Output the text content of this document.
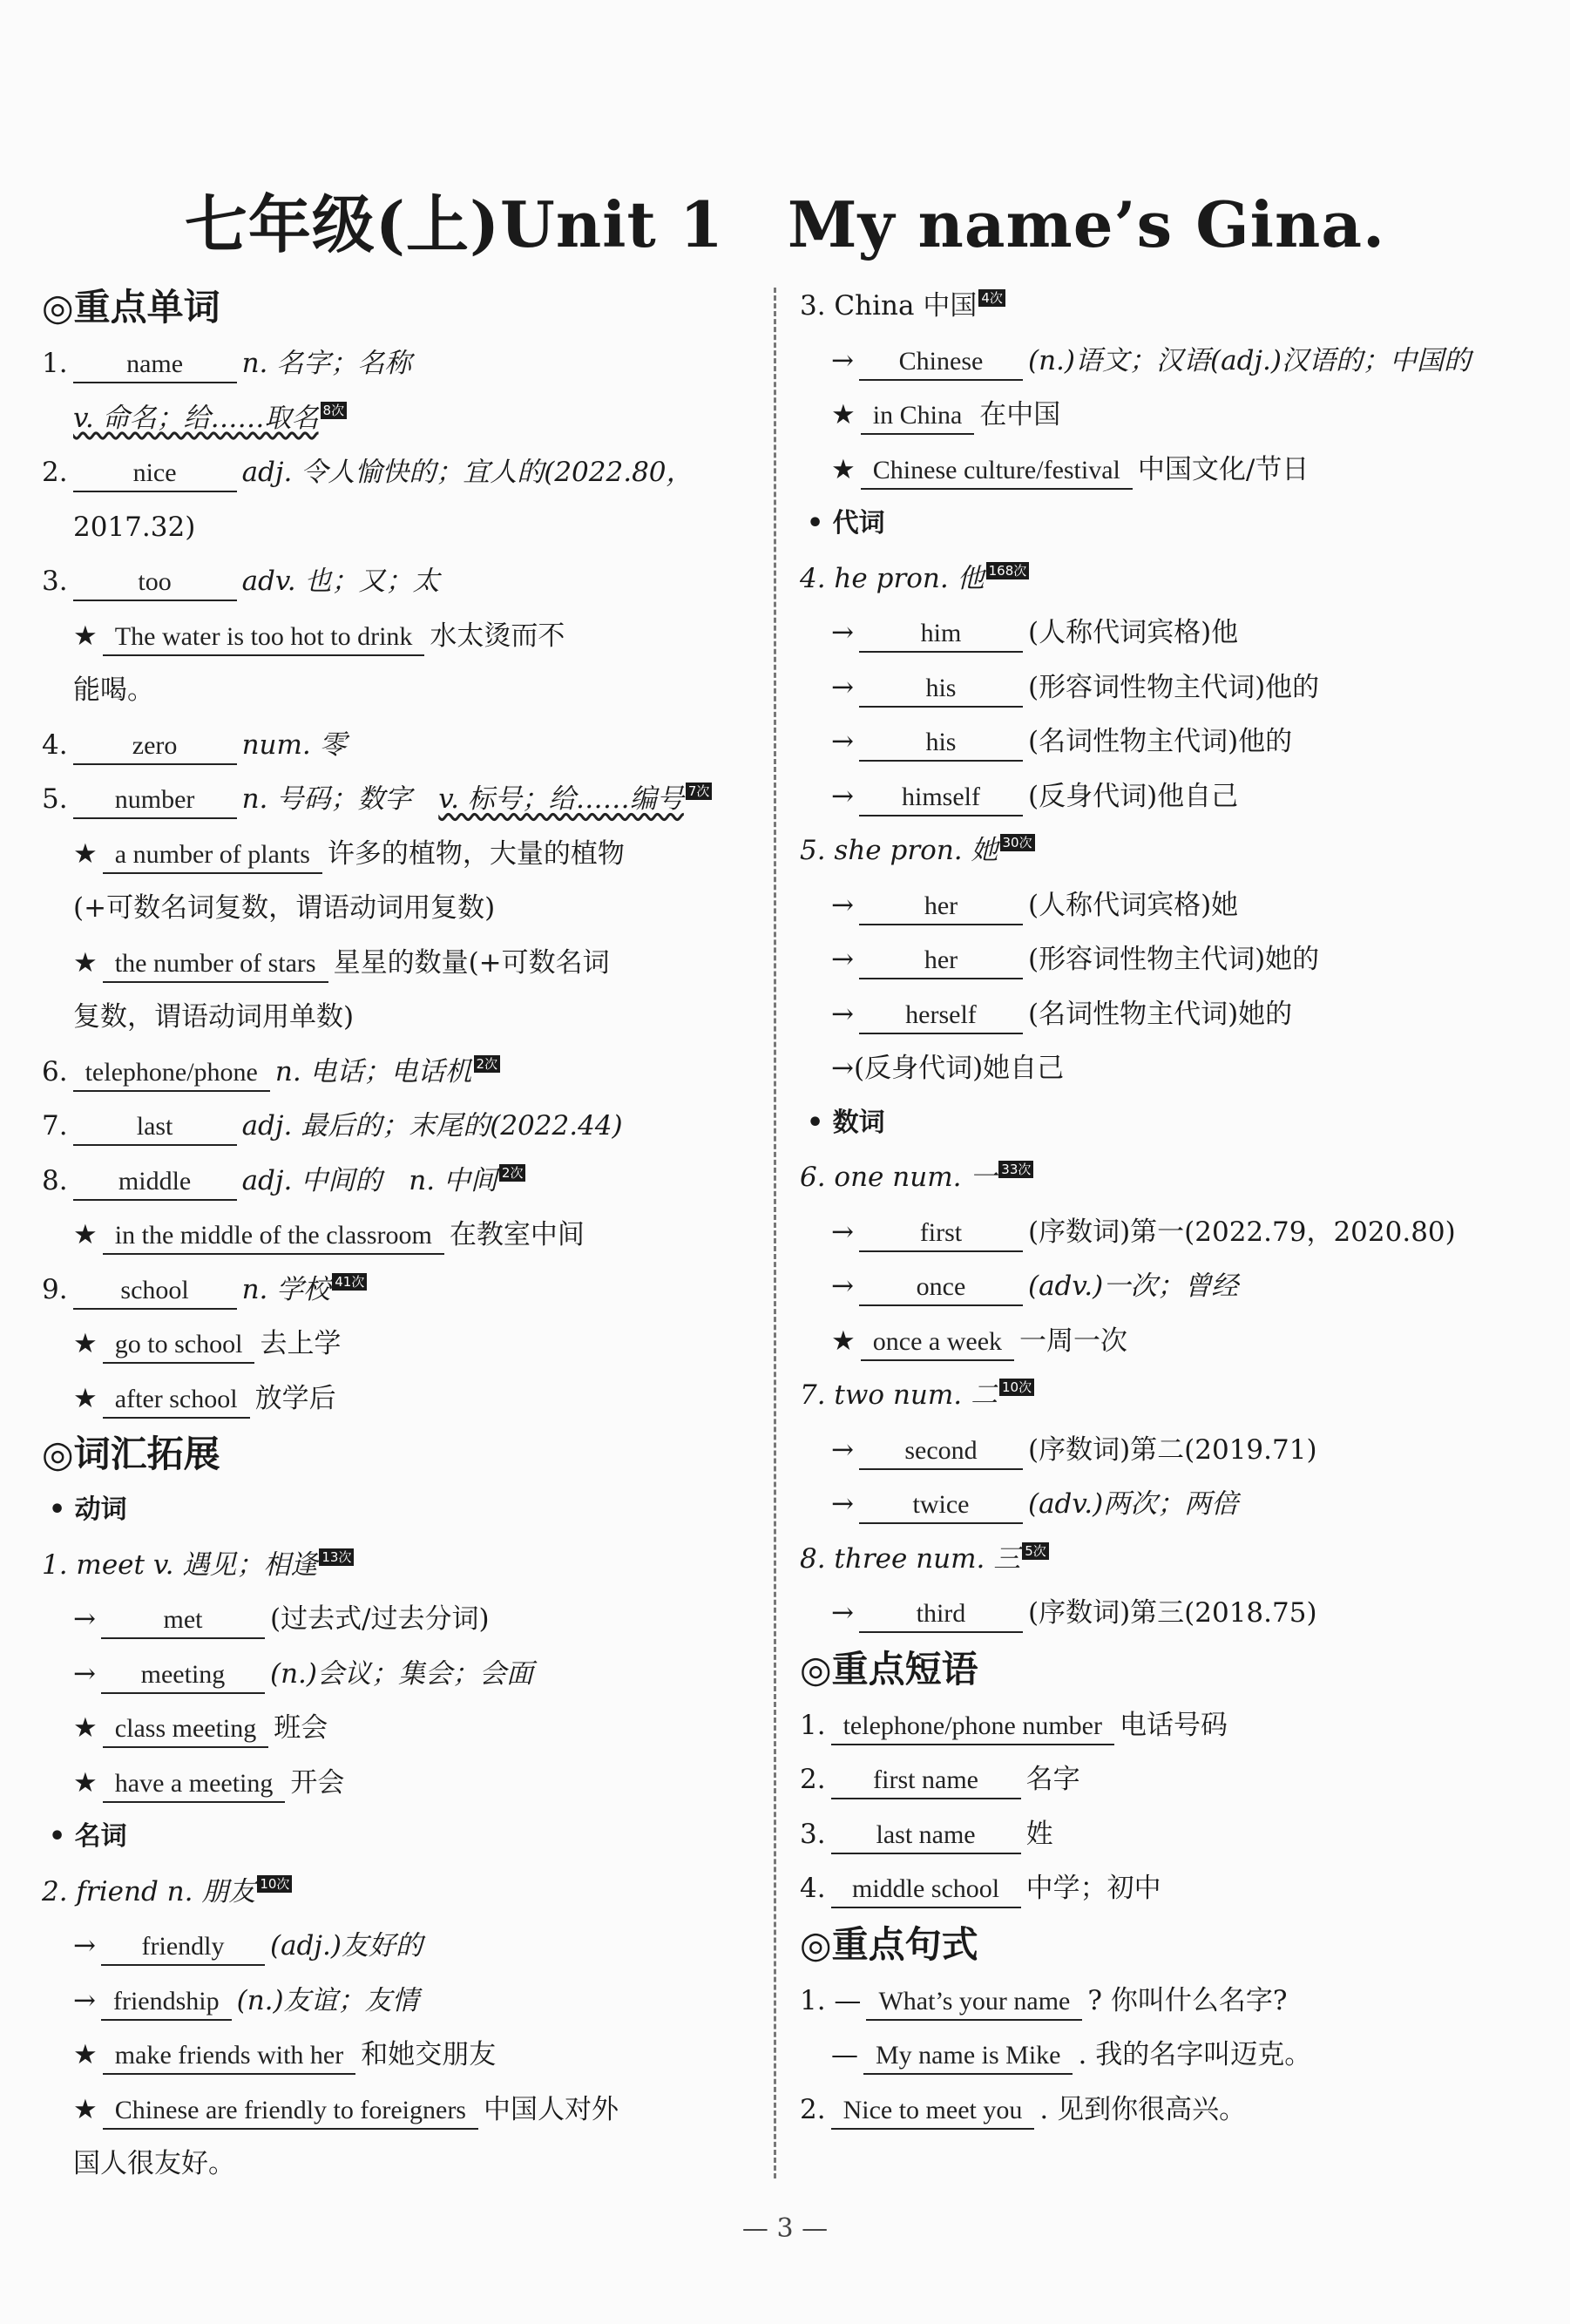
七年级(上)Unit 1　My name’s Gina.
◎重点单词
1. name n. 名字；名称
v. 命名；给……取名 8次
2.	nice adj. 令人愉快的；宜人的(2022.80，
2017.32)
3.	too	adv. 也；又；太
★ The water is too hot to drink 水太烫而不
能喝。
4. zero num. 零
5. number n. 号码；数字　 v. 标号；给……编号 7次
★ a number of plants 许多的植物，大量的植物
(+可数名词复数，谓语动词用复数)
★ the number of stars 星星的数量(+可数名词
复数，谓语动词用单数)
6. telephone/phone n. 电话；电话机 2次
7.	last	adj. 最后的；末尾的(2022.44)
8. middle adj. 中间的　n. 中间 2次
★ in the middle of the classroom 在教室中间
9. school n. 学校 41次
★ go to school 去上学
★ after school 放学后
◎词汇拓展
• 动词
1. meet v. 遇见；相逢 13次
→	met	(过去式/过去分词)
→ meeting (n.)会议；集会；会面
★ class meeting 班会
★ have a meeting 开会
• 名词
2. friend n. 朋友 10次
→ friendly (adj.)友好的
→ friendship (n.)友谊；友情
★ make friends with her 和她交朋友
★ Chinese are friendly to foreigners 中国人对外
国人很友好。
3. China 中国 4次
→ Chinese (n.)语文；汉语(adj.)汉语的；中国的
★ in China 在中国
★ Chinese culture/festival 中国文化/节日
• 代词
4. he pron. 他 168次
→	him (人称代词宾格)他
→	his	(形容词性物主代词)他的
→	his	(名词性物主代词)他的
→ himself (反身代词)他自己
5. she pron. 她 30次
→	her	(人称代词宾格)她
→	her	(形容词性物主代词)她的
→ herself (名词性物主代词)她的
→(反身代词)她自己
• 数词
6. one num. 一 33次
→	first (序数词)第一(2022.79，2020.80)
→ once (adv.)一次；曾经
★ once a week 一周一次
7. two num. 二 10次
→ second (序数词)第二(2019.71)
→ twice (adv.)两次；两倍
8. three num. 三 5次
→ third (序数词)第三(2018.75)
◎重点短语
1. telephone/phone number 电话号码
2. first name 名字
3. last name 姓
4. middle school 中学；初中
◎重点句式
1. — What’s your name ? 你叫什么名字?
— My name is Mike . 我的名字叫迈克。
2. Nice to meet you . 见到你很高兴。
— 3 —
